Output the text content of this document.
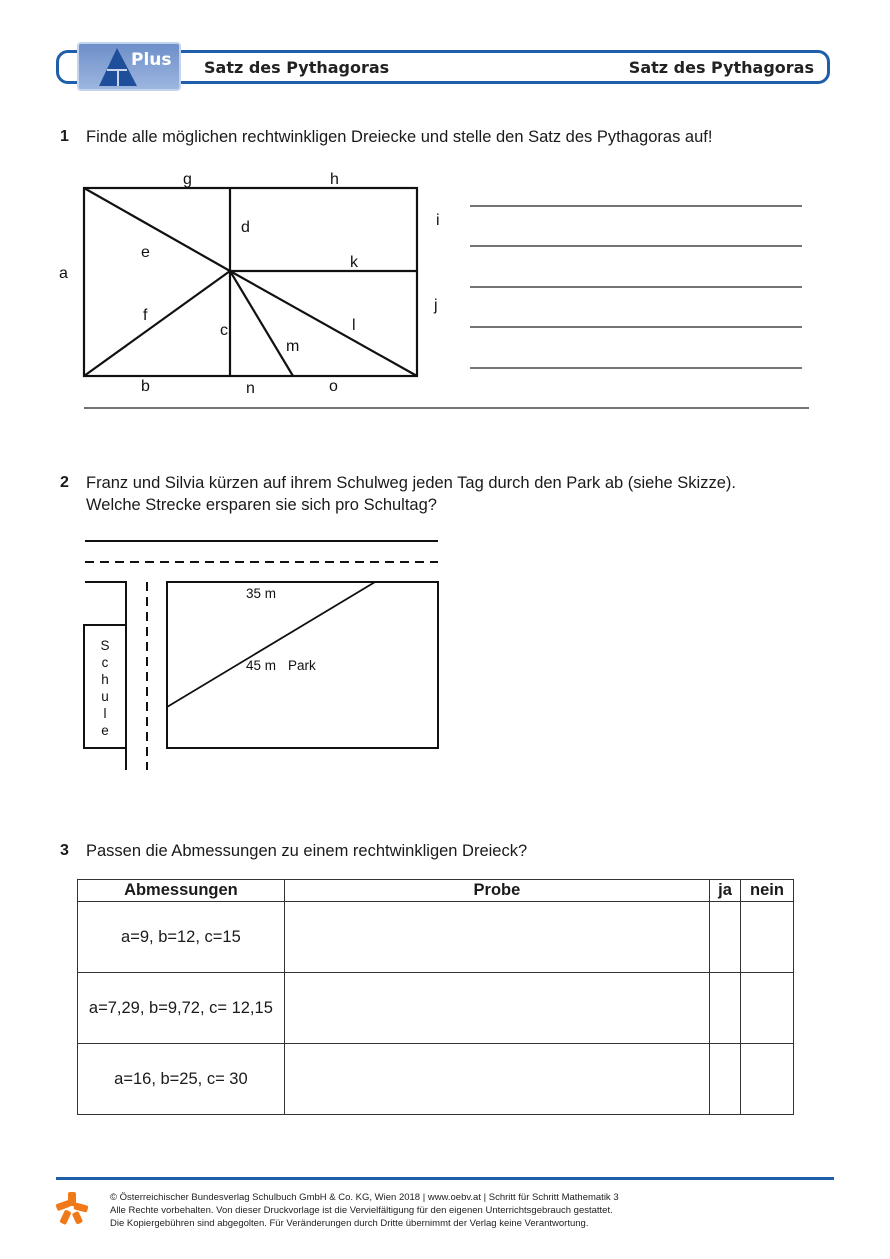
Plus Satz des Pythagoras	Satz des Pythagoras
1 Finde alle möglichen rechtwinkligen Dreiecke und stelle den Satz des Pythagoras auf!
g	h
d
e
k
a
f
c	l
m
b	n	o
i
j
2 Franz und Silvia kürzen auf ihrem Schulweg jeden Tag durch den Park ab (siehe Skizze).
Welche Strecke ersparen sie sich pro Schultag?
35 m
45 m Park
S
c
h
u
l
e
3 Passen die Abmessungen zu einem rechtwinkligen Dreieck?
Abmessungen	Probe	ja	nein
a=9, b=12, c=15			
a=7,29, b=9,72, c= 12,15			
a=16, b=25, c= 30			
© Österreichischer Bundesverlag Schulbuch GmbH & Co. KG, Wien 2018 | www.oebv.at | Schritt für Schritt Mathematik 3
Alle Rechte vorbehalten. Von dieser Druckvorlage ist die Vervielfältigung für den eigenen Unterrichtsgebrauch gestattet.
Die Kopiergebühren sind abgegolten. Für Veränderungen durch Dritte übernimmt der Verlag keine Verantwortung.
